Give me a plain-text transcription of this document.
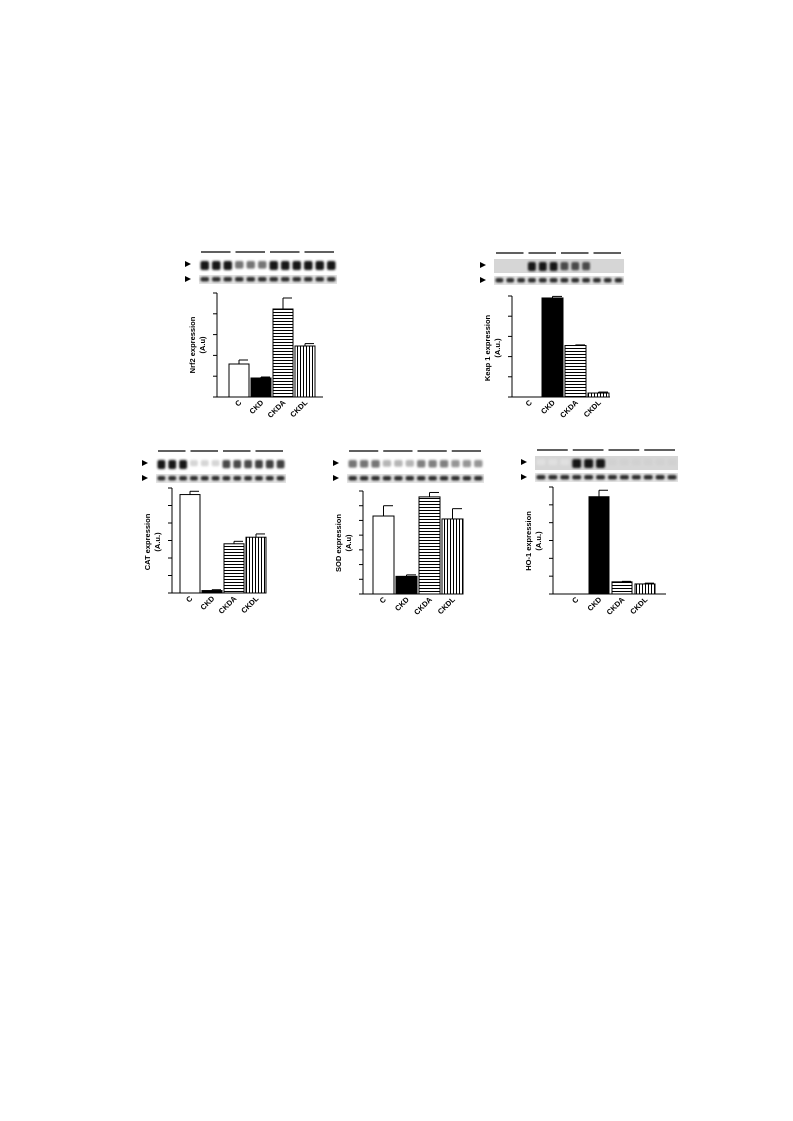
Nrf2 expression(A.u)
C CKD CKDA CKDL
Keap 1 expression(A.u.)
C CKD CKDA CKDL
CAT expression(A.u.)
C CKD CKDA CKDL
SOD expression(A.u)
C CKD CKDA CKDL
HO-1 expression(A.u.)
C CKD CKDA CKDL
